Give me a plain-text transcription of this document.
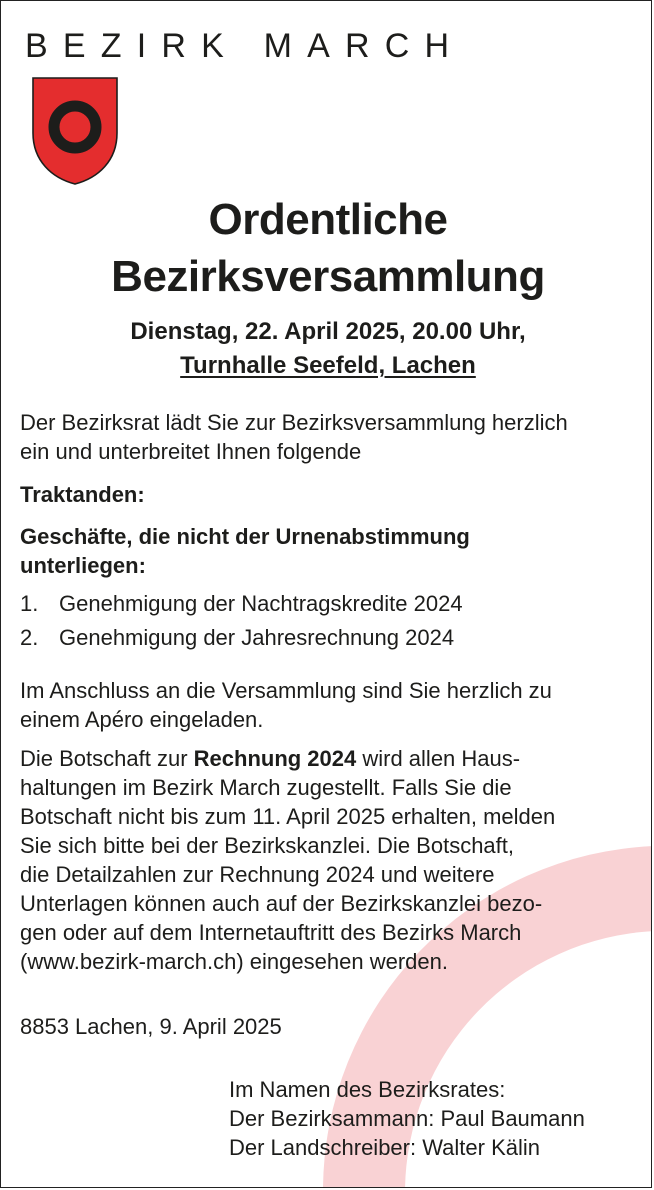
BEZIRK MARCH
Ordentliche
Bezirksversammlung
Dienstag, 22. April 2025, 20.00 Uhr,
Turnhalle Seefeld, Lachen
Der Bezirksrat lädt Sie zur Bezirksversammlung herzlich
ein und unterbreitet Ihnen folgende
Traktanden:
Geschäfte, die nicht der Urnenabstimmung
unterliegen:
1. Genehmigung der Nachtragskredite 2024
2. Genehmigung der Jahresrechnung 2024
Im Anschluss an die Versammlung sind Sie herzlich zu
einem Apéro eingeladen.
Die Botschaft zur Rechnung 2024 wird allen Haus-
haltungen im Bezirk March zugestellt. Falls Sie die
Botschaft nicht bis zum 11. April 2025 erhalten, melden
Sie sich bitte bei der Bezirkskanzlei. Die Botschaft,
die Detailzahlen zur Rechnung 2024 und weitere
Unterlagen können auch auf der Bezirkskanzlei bezo-
gen oder auf dem Internetauftritt des Bezirks March
(www.bezirk-march.ch) eingesehen werden.
8853 Lachen, 9. April 2025
Im Namen des Bezirksrates:
Der Bezirksammann: Paul Baumann
Der Landschreiber: Walter Kälin
